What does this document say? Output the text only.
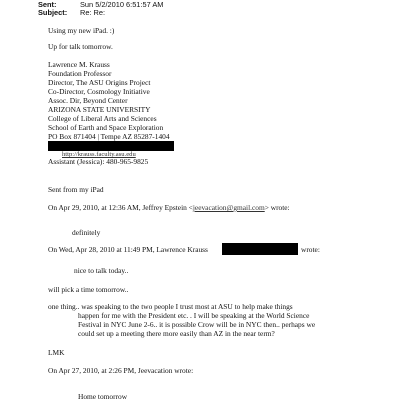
Sent:	Sun 5/2/2010 6:51:57 AM
Subject: Re: Re:
Using my new iPad. :)
Up for talk tomorrow.
Lawrence M. Krauss
Foundation Professor
Director, The ASU Origins Project
Co-Director, Cosmology Initiative
Assoc. Dir, Beyond Center
ARIZONA STATE UNIVERSITY
College of Liberal Arts and Sciences
School of Earth and Space Exploration
PO Box 871404 | Tempe AZ 85287-1404
http://krauss.faculty.asu.edu
Assistant (Jessica): 480-965-9825
Sent from my iPad
On Apr 29, 2010, at 12:36 AM, Jeffrey Epstein <jeevacation@gmail.com> wrote:
definitely
On Wed, Apr 28, 2010 at 11:49 PM, Lawrence Krauss	wrote:
nice to talk today..
will pick a time tomorrow..
one thing.. was speaking to the two people I trust most at ASU to help make things
happen for me with the President etc. . I will be speaking at the World Science
Festival in NYC June 2-6.. it is possible Crow will be in NYC then.. perhaps we
could set up a meeting there more easily than AZ in the near term?
LMK
On Apr 27, 2010, at 2:26 PM, Jeevacation wrote:
Home tomorrow
